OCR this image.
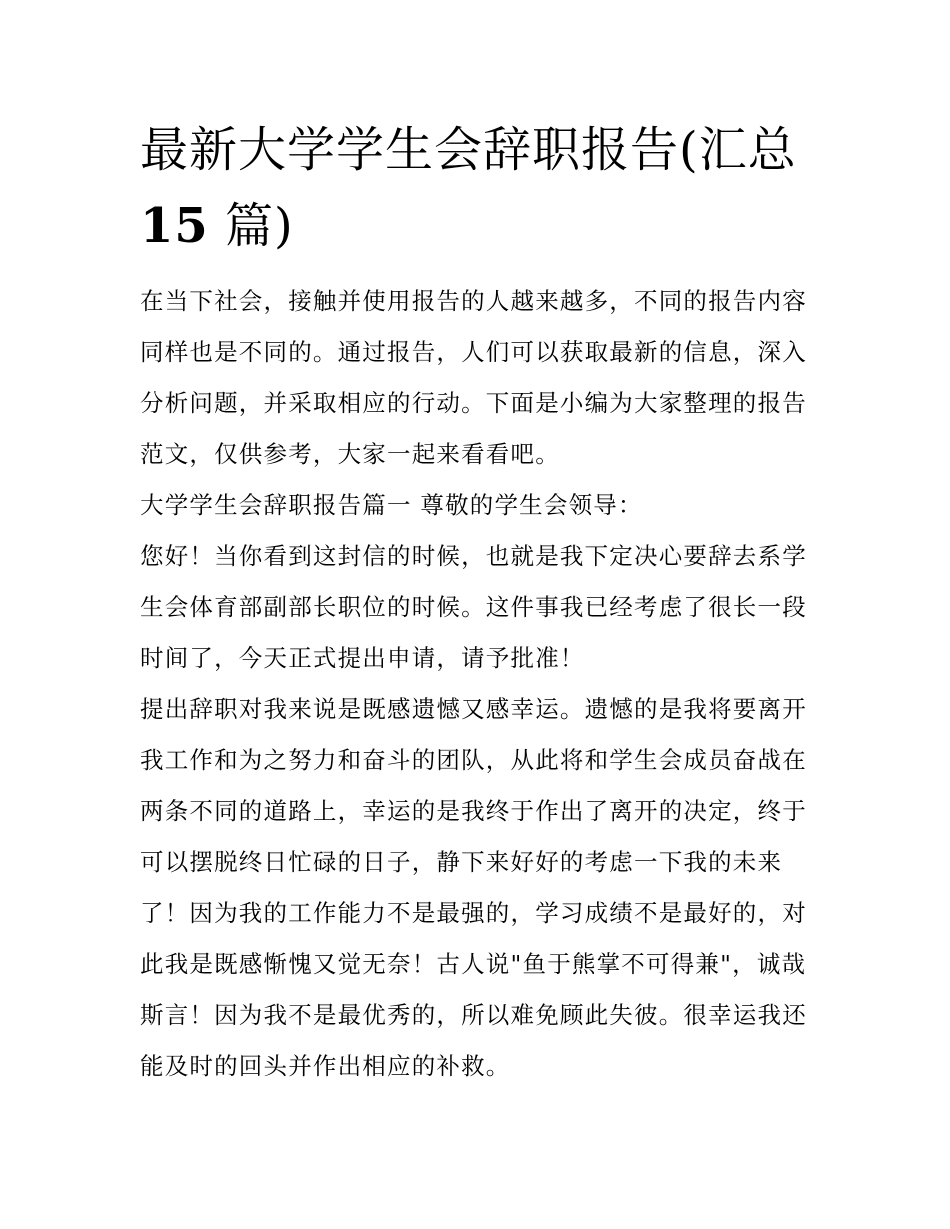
最新大学学生会辞职报告(汇总
15 篇)

在当下社会，接触并使用报告的人越来越多，不同的报告内容同样也是不同的。通过报告，人们可以获取最新的信息，深入分析问题，并采取相应的行动。下面是小编为大家整理的报告范文，仅供参考，大家一起来看看吧。

大学学生会辞职报告篇一 尊敬的学生会领导：

您好！当你看到这封信的时候，也就是我下定决心要辞去系学生会体育部副部长职位的时候。这件事我已经考虑了很长一段时间了，今天正式提出申请，请予批准！

提出辞职对我来说是既感遗憾又感幸运。遗憾的是我将要离开我工作和为之努力和奋斗的团队，从此将和学生会成员奋战在两条不同的道路上，幸运的是我终于作出了离开的决定，终于可以摆脱终日忙碌的日子，静下来好好的考虑一下我的未来了！因为我的工作能力不是最强的，学习成绩不是最好的，对此我是既感惭愧又觉无奈！古人说"鱼于熊掌不可得兼"，诚哉斯言！因为我不是最优秀的，所以难免顾此失彼。很幸运我还能及时的回头并作出相应的补救。
